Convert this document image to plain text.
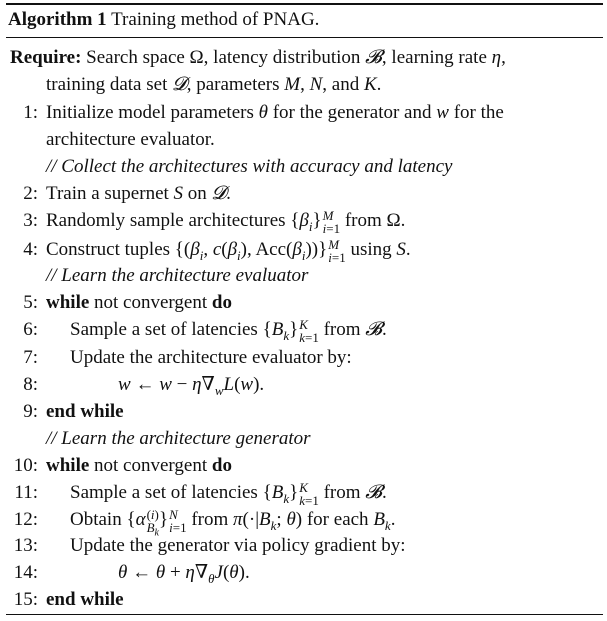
Algorithm 1 Training method of PNAG.
Require: Search space Ω, latency distribution 𝓑, learning rate η,
training data set 𝓓, parameters M, N, and K.
1: Initialize model parameters θ for the generator and w for the
architecture evaluator.
// Collect the architectures with accuracy and latency
2: Train a supernet S on 𝓓.
3: Randomly sample architectures $\{\beta_i\}$ M
i=1 from Ω.
4: Construct tuples {($\beta_i$, $c(\beta_i)$, $Acc(\beta_i)$)} M
i=1 using S.
// Learn the architecture evaluator
5: while not convergent do
6: Sample a set of latencies $\{B_k\}$ K
k=1 from 𝓑.
7: Update the architecture evaluator by:
8:	w ← $w - \eta\nabla_wL(w)$.
9: end while
// Learn the architecture generator
10: while not convergent do
11: Sample a set of latencies $\{B_k\}$ K
k=1 from 𝓑.
12: Obtain {α (i)
$B_k$
} N
i=1 from $\pi(\cdot|B_k$; θ) for each $B_k$.
13: Update the generator via policy gradient by:
14:	θ ← $\theta + \eta\nabla_\theta J(\theta)$.
15: end while
